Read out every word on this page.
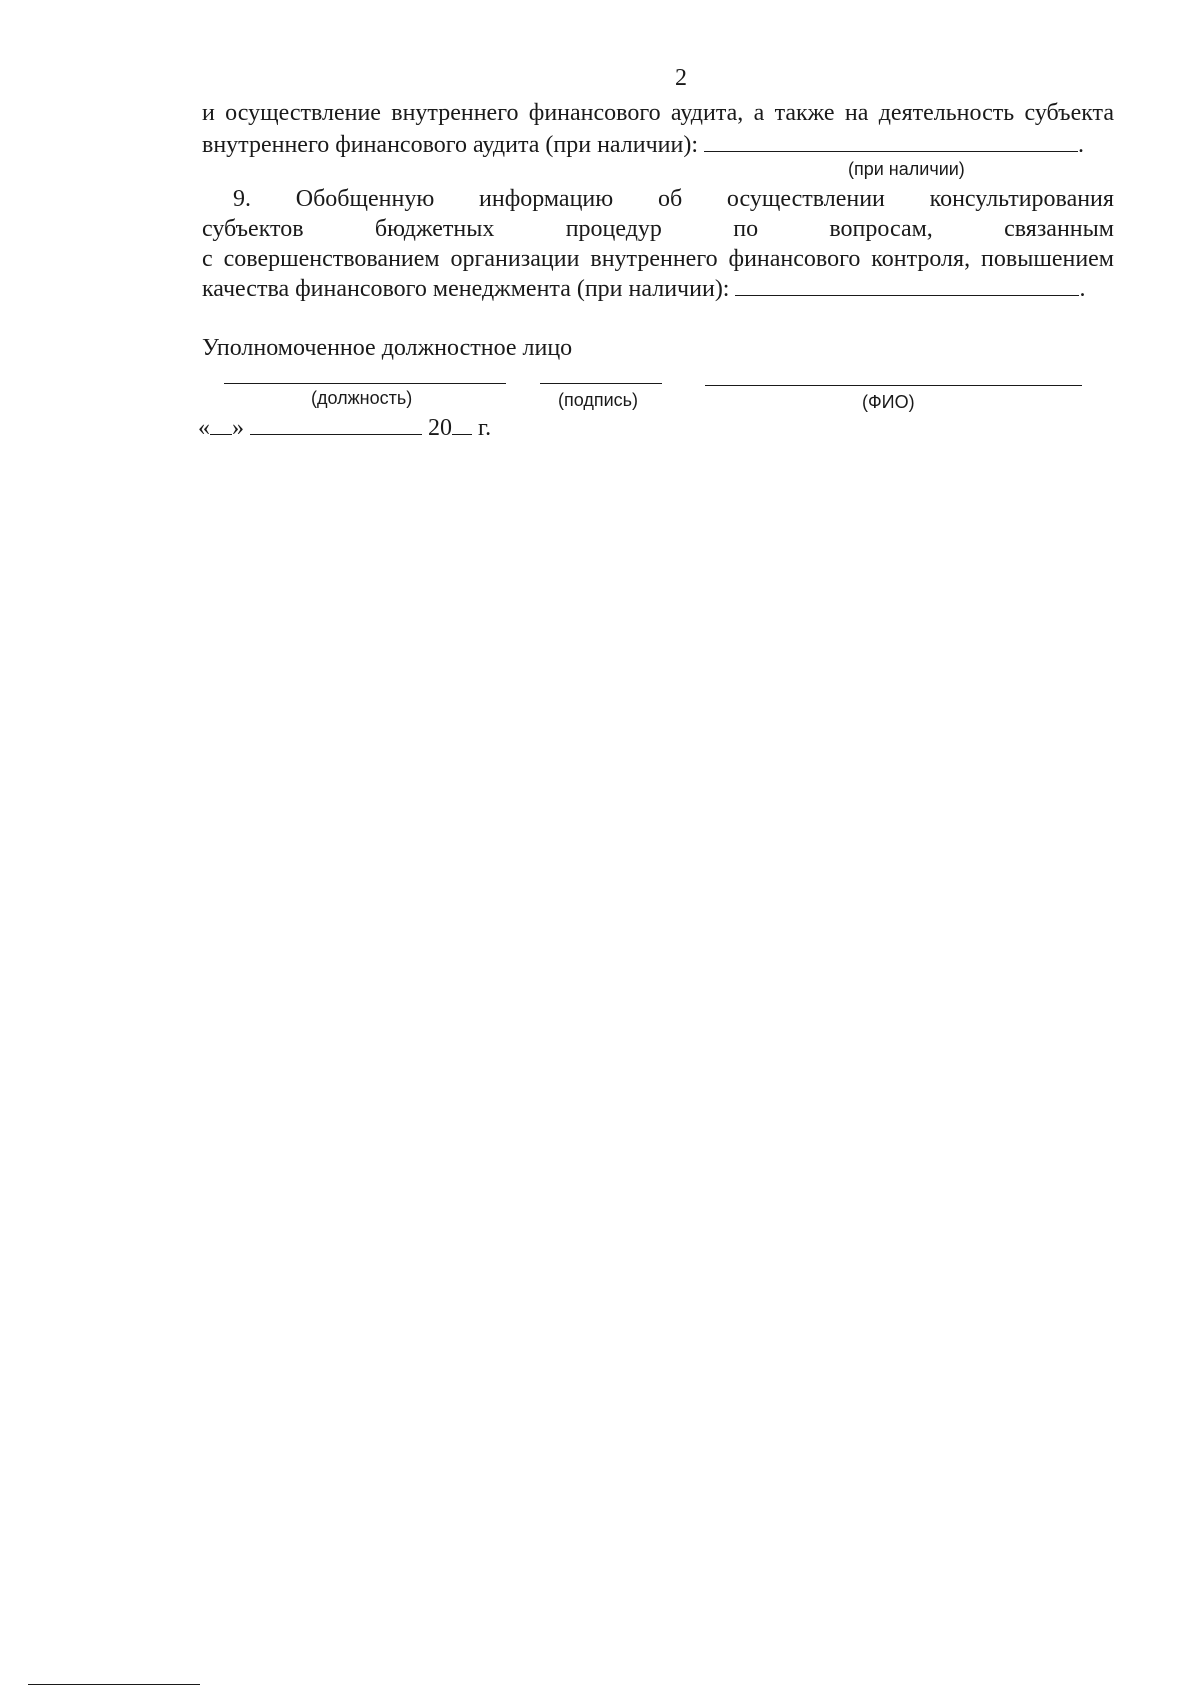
2
и осуществление внутреннего финансового аудита, а также на деятельность субъекта
внутреннего финансового аудита (при наличии):	.
(при наличии)
9. Обобщенную информацию об осуществлении консультирования
субъектов	бюджетных	процедур	по	вопросам,	связанным
с совершенствованием организации внутреннего финансового контроля, повышением
качества финансового менеджмента (при наличии):	.
Уполномоченное должностное лицо
(должность)	(подпись)	(ФИО)
« »	20 г.
